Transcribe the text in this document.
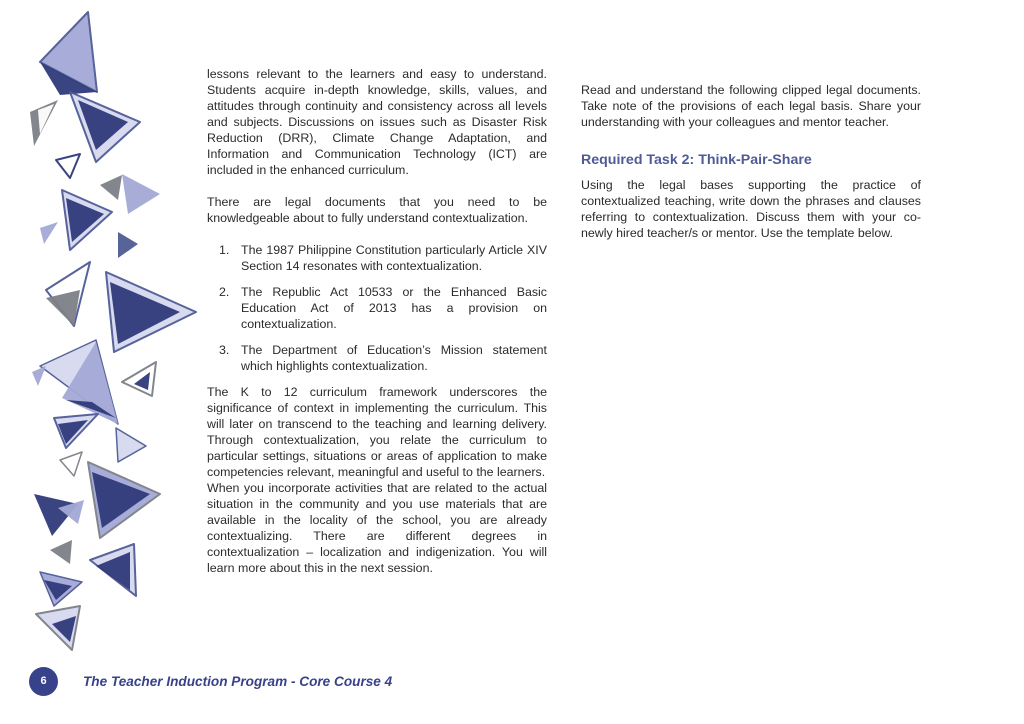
lessons relevant to the learners and easy to understand. Students acquire in-depth knowledge, skills, values, and attitudes through continuity and consistency across all levels and subjects. Discussions on issues such as Disaster Risk Reduction (DRR), Climate Change Adaptation, and Information and Communication Technology (ICT) are included in the enhanced curriculum.

There are legal documents that you need to be knowledgeable about to fully understand contextualization.

1. The 1987 Philippine Constitution particularly Article XIV Section 14 resonates with contextualization.
2. The Republic Act 10533 or the Enhanced Basic Education Act of 2013 has a provision on contextualization.
3. The Department of Education’s Mission statement which highlights contextualization.

The K to 12 curriculum framework underscores the significance of context in implementing the curriculum. This will later on transcend to the teaching and learning delivery. Through contextualization, you relate the curriculum to particular settings, situations or areas of application to make competencies relevant, meaningful and useful to the learners.

When you incorporate activities that are related to the actual situation in the community and you use materials that are available in the locality of the school, you are already contextualizing. There are different degrees in contextualization – localization and indigenization. You will learn more about this in the next session.

Read and understand the following clipped legal documents. Take note of the provisions of each legal basis. Share your understanding with your colleagues and mentor teacher.

Required Task 2: Think-Pair-Share

Using the legal bases supporting the practice of contextualized teaching, write down the phrases and clauses referring to contextualization. Discuss them with your co-newly hired teacher/s or mentor. Use the template below.

6	The Teacher Induction Program - Core Course 4
